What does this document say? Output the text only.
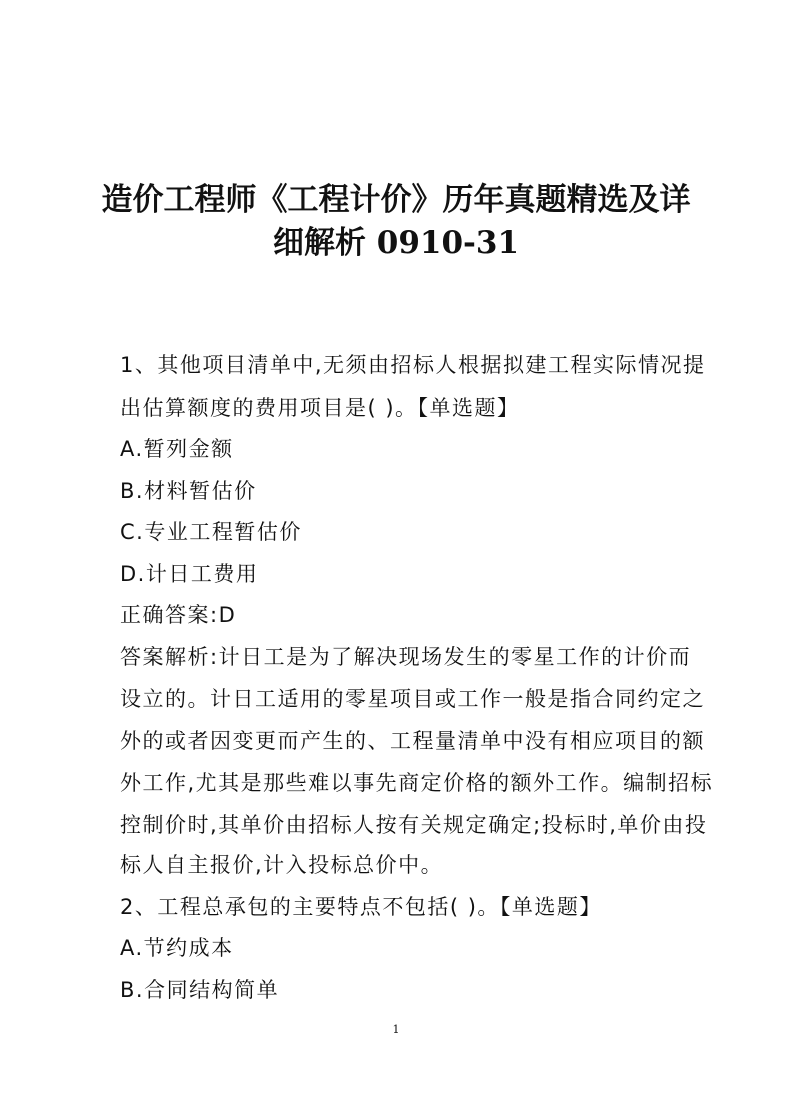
造价工程师《工程计价》历年真题精选及详
细解析 0910-31
1、其他项目清单中,无须由招标人根据拟建工程实际情况提
出估算额度的费用项目是( )。【单选题】
A.暂列金额
B.材料暂估价
C.专业工程暂估价
D.计日工费用
正确答案:D
答案解析:计日工是为了解决现场发生的零星工作的计价而
设立的。计日工适用的零星项目或工作一般是指合同约定之
外的或者因变更而产生的、工程量清单中没有相应项目的额
外工作,尤其是那些难以事先商定价格的额外工作。编制招标
控制价时,其单价由招标人按有关规定确定;投标时,单价由投
标人自主报价,计入投标总价中。
2、工程总承包的主要特点不包括( )。【单选题】
A.节约成本
B.合同结构简单
1
